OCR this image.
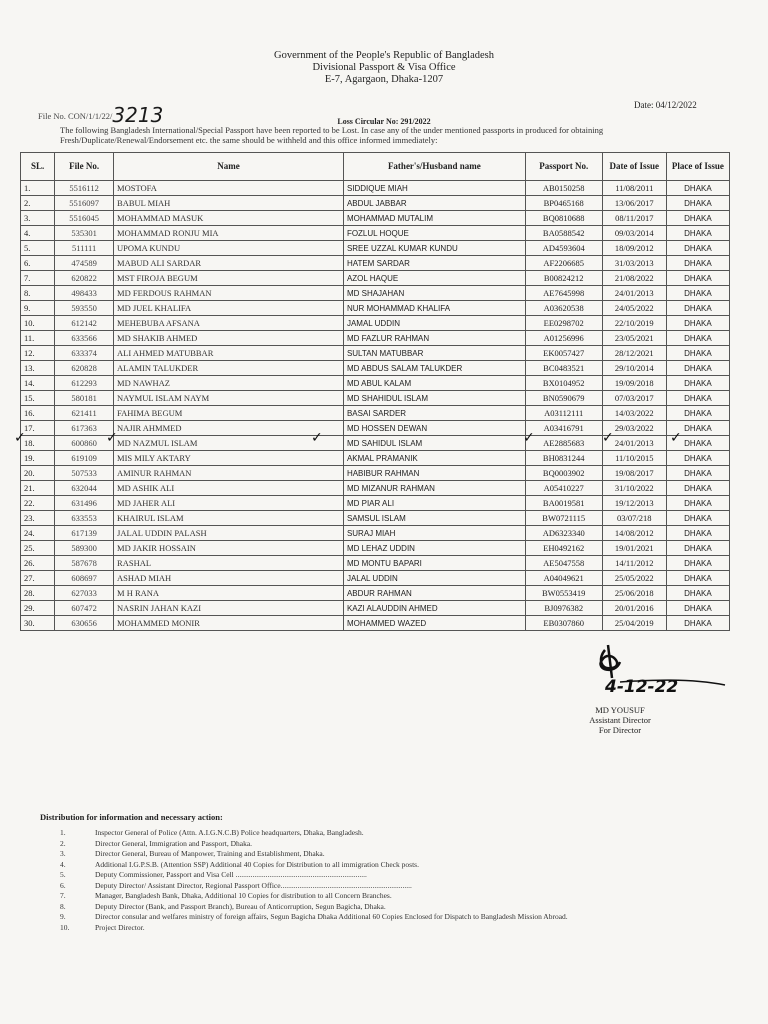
Government of the People's Republic of Bangladesh
Divisional Passport & Visa Office
E-7, Agargaon, Dhaka-1207
File No. CON/1/1/22/3213	Date: 04/12/2022
Loss Circular No: 291/2022
The following Bangladesh International/Special Passport have been reported to be Lost. In case any of the under mentioned passports in produced for obtaining Fresh/Duplicate/Renewal/Endorsement etc. the same should be withheld and this office informed immediately:
SL.	File No.	Name	Father's/Husband name	Passport No.	Date of Issue	Place of Issue
1.	5516112	MOSTOFA	SIDDIQUE MIAH	AB0150258	11/08/2011	DHAKA
2.	5516097	BABUL MIAH	ABDUL JABBAR	BP0465168	13/06/2017	DHAKA
3.	5516045	MOHAMMAD MASUK	MOHAMMAD MUTALIM	BQ0810688	08/11/2017	DHAKA
4.	535301	MOHAMMAD RONJU MIA	FOZLUL HOQUE	BA0588542	09/03/2014	DHAKA
5.	511111	UPOMA KUNDU	SREE UZZAL KUMAR KUNDU	AD4593604	18/09/2012	DHAKA
6.	474589	MABUD ALI SARDAR	HATEM SARDAR	AF2206685	31/03/2013	DHAKA
7.	620822	MST FIROJA BEGUM	AZOL HAQUE	B00824212	21/08/2022	DHAKA
8.	498433	MD FERDOUS RAHMAN	MD SHAJAHAN	AE7645998	24/01/2013	DHAKA
9.	593550	MD JUEL KHALIFA	NUR MOHAMMAD KHALIFA	A03620538	24/05/2022	DHAKA
10.	612142	MEHEBUBA AFSANA	JAMAL UDDIN	EE0298702	22/10/2019	DHAKA
11.	633566	MD SHAKIB AHMED	MD FAZLUR RAHMAN	A01256996	23/05/2021	DHAKA
12.	633374	ALI AHMED MATUBBAR	SULTAN MATUBBAR	EK0057427	28/12/2021	DHAKA
13.	620828	ALAMIN TALUKDER	MD ABDUS SALAM TALUKDER	BC0483521	29/10/2014	DHAKA
14.	612293	MD NAWHAZ	MD ABUL KALAM	BX0104952	19/09/2018	DHAKA
15.	580181	NAYMUL ISLAM NAYM	MD SHAHIDUL ISLAM	BN0590679	07/03/2017	DHAKA
16.	621411	FAHIMA BEGUM	BASAI SARDER	A03112111	14/03/2022	DHAKA
17.	617363	NAJIR AHMMED	MD HOSSEN DEWAN	A03416791	29/03/2022	DHAKA
18.	600860	MD NAZMUL ISLAM	MD SAHIDUL ISLAM	AE2885683	24/01/2013	DHAKA
19.	619109	MIS MILY AKTARY	AKMAL PRAMANIK	BH0831244	11/10/2015	DHAKA
20.	507533	AMINUR RAHMAN	HABIBUR RAHMAN	BQ0003902	19/08/2017	DHAKA
21.	632044	MD ASHIK ALI	MD MIZANUR RAHMAN	A05410227	31/10/2022	DHAKA
22.	631496	MD JAHER ALI	MD PIAR ALI	BA0019581	19/12/2013	DHAKA
23.	633553	KHAIRUL ISLAM	SAMSUL ISLAM	BW0721115	03/07/218	DHAKA
24.	617139	JALAL UDDIN PALASH	SURAJ MIAH	AD6323340	14/08/2012	DHAKA
25.	589300	MD JAKIR HOSSAIN	MD LEHAZ UDDIN	EH0492162	19/01/2021	DHAKA
26.	587678	RASHAL	MD MONTU BAPARI	AE5047558	14/11/2012	DHAKA
27.	608697	ASHAD MIAH	JALAL UDDIN	A04049621	25/05/2022	DHAKA
28.	627033	M H RANA	ABDUR RAHMAN	BW0553419	25/06/2018	DHAKA
29.	607472	NASRIN JAHAN KAZI	KAZI ALAUDDIN AHMED	BJ0976382	20/01/2016	DHAKA
30.	630656	MOHAMMED MONIR	MOHAMMED WAZED	EB0307860	25/04/2019	DHAKA
✓	✓	✓	✓	✓	✓
4-12-22
MD YOUSUF
Assistant Director
For Director
Distribution for information and necessary action:
1.	Inspector General of Police (Attn. A.I.G.N.C.B) Police headquarters, Dhaka, Bangladesh.
2.	Director General, Immigration and Passport, Dhaka.
3.	Director General, Bureau of Manpower, Training and Establishment, Dhaka.
4.	Additional I.G.P.S.B. (Attention SSP) Additional 40 Copies for Distribution to all immigration Check posts.
5.	Deputy Commissioner, Passport and Visa Cell ......................................................................
6.	Deputy Director/ Assistant Director, Regional Passport Office......................................................................
7.	Manager, Bangladesh Bank, Dhaka, Additional 10 Copies for distribution to all Concern Branches.
8.	Deputy Director (Bank, and Passport Branch), Bureau of Anticorruption, Segun Bagicha, Dhaka.
9.	Director consular and welfares ministry of foreign affairs, Segun Bagicha Dhaka Additional 60 Copies Enclosed for Dispatch to Bangladesh Mission Abroad.
10.	Project Director.
